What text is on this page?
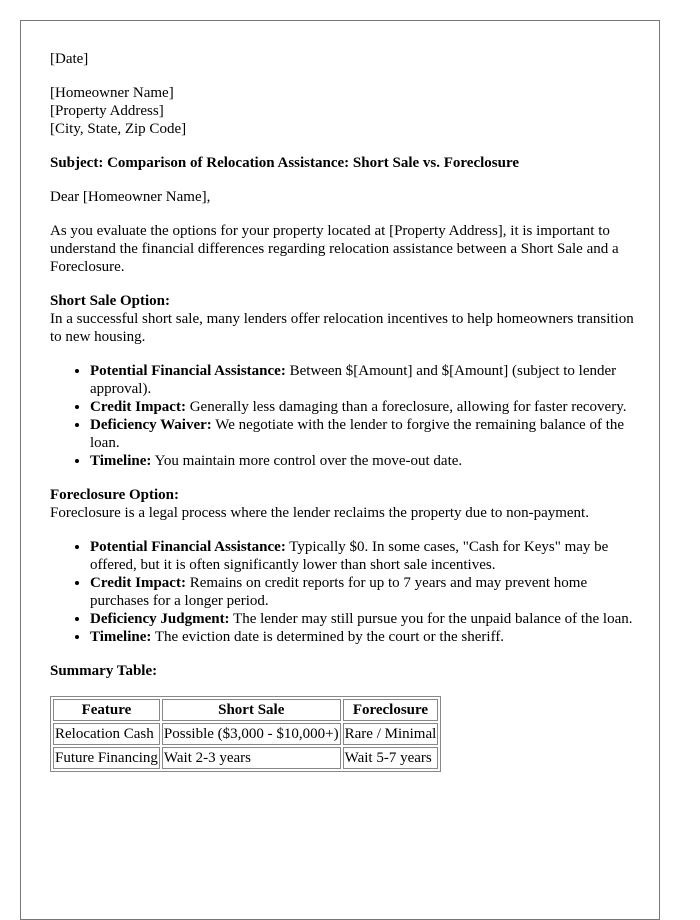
[Date]

[Homeowner Name]
[Property Address]
[City, State, Zip Code]

Subject: Comparison of Relocation Assistance: Short Sale vs. Foreclosure

Dear [Homeowner Name],

As you evaluate the options for your property located at [Property Address], it is important to understand the financial differences regarding relocation assistance between a Short Sale and a Foreclosure.

Short Sale Option:
In a successful short sale, many lenders offer relocation incentives to help homeowners transition to new housing.

• Potential Financial Assistance: Between $[Amount] and $[Amount] (subject to lender approval).
• Credit Impact: Generally less damaging than a foreclosure, allowing for faster recovery.
• Deficiency Waiver: We negotiate with the lender to forgive the remaining balance of the loan.
• Timeline: You maintain more control over the move-out date.

Foreclosure Option:
Foreclosure is a legal process where the lender reclaims the property due to non-payment.

• Potential Financial Assistance: Typically $0. In some cases, "Cash for Keys" may be offered, but it is often significantly lower than short sale incentives.
• Credit Impact: Remains on credit reports for up to 7 years and may prevent home purchases for a longer period.
• Deficiency Judgment: The lender may still pursue you for the unpaid balance of the loan.
• Timeline: The eviction date is determined by the court or the sheriff.

Summary Table:

Feature	Short Sale	Foreclosure
Relocation Cash	Possible ($3,000 - $10,000+)	Rare / Minimal
Future Financing	Wait 2-3 years	Wait 5-7 years
